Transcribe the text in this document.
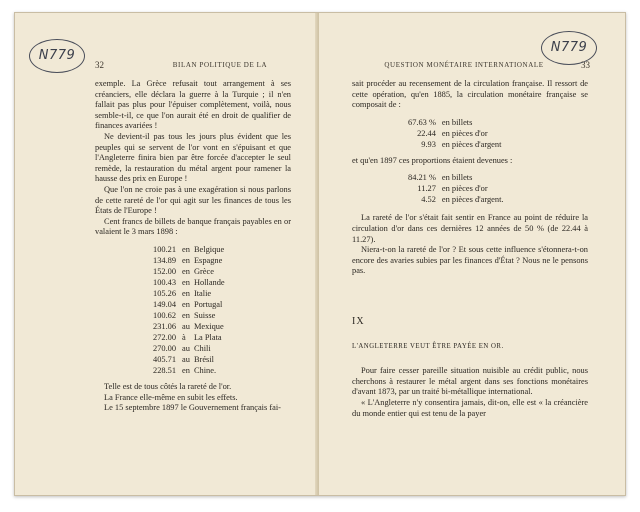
N779
32	BILAN POLITIQUE DE LA

exemple. La Grèce refusait tout arrangement à ses créanciers, elle déclara la guerre à la Turquie ; il n'en fallait pas plus pour l'épuiser complètement, voilà, nous semble-t-il, ce que l'on aurait été en droit de qualifier de finances avariées !

Ne devient-il pas tous les jours plus évident que les peuples qui se servent de l'or vont en s'épuisant et que l'Angleterre finira bien par être forcée d'accepter le seul remède, la restauration du métal argent pour ramener la hausse des prix en Europe !

Que l'on ne croie pas à une exagération si nous parlons de cette rareté de l'or qui agit sur les finances de tous les États de l'Europe !

Cent francs de billets de banque français payables en or valaient le 3 mars 1898 :

100.21	en	Belgique
134.89	en	Espagne
152.00	en	Grèce
100.43	en	Hollande
105.26	en	Italie
149.04	en	Portugal
100.62	en	Suisse
231.06	au	Mexique
272.00	à	La Plata
270.00	au	Chili
405.71	au	Brésil
228.51	en	Chine.

Telle est de tous côtés la rareté de l'or.

La France elle-même en subit les effets.

Le 15 septembre 1897 le Gouvernement français fai-

N779
QUESTION MONÉTAIRE INTERNATIONALE	33

sait procéder au recensement de la circulation française. Il ressort de cette opération, qu'en 1885, la circulation monétaire française se composait de :

67.63 %	en billets
22.44	en pièces d'or
9.93	en pièces d'argent

et qu'en 1897 ces proportions étaient devenues :

84.21 %	en billets
11.27	en pièces d'or
4.52	en pièces d'argent.

La rareté de l'or s'était fait sentir en France au point de réduire la circulation d'or dans ces dernières 12 années de 50 % (de 22.44 à 11.27).

Niera-t-on la rareté de l'or ? Et sous cette influence s'étonnera-t-on encore des avaries subies par les finances d'État ? Nous ne le pensons pas.

IX

L'ANGLETERRE VEUT ÊTRE PAYÉE EN OR.

Pour faire cesser pareille situation nuisible au crédit public, nous cherchons à restaurer le métal argent dans ses fonctions monétaires d'avant 1873, par un traité bi-métallique international.

« L'Angleterre n'y consentira jamais, dit-on, elle est « la créancière du monde entier qui est tenu de la payer
